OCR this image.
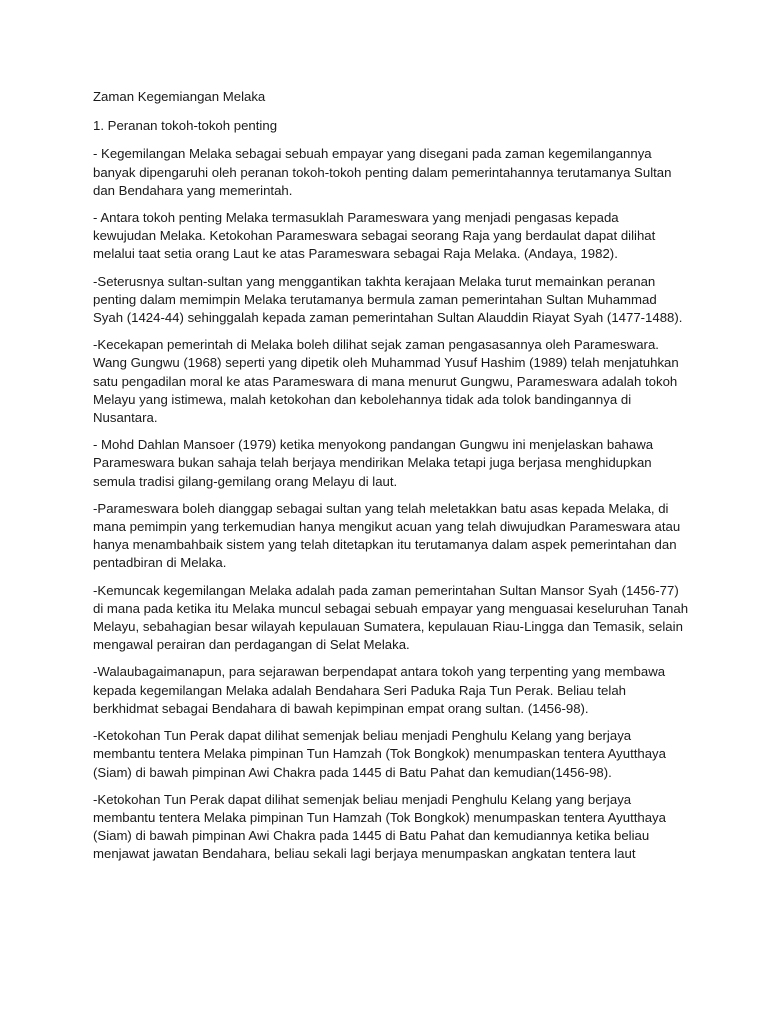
Zaman Kegemiangan Melaka
1. Peranan tokoh-tokoh penting
- Kegemilangan Melaka sebagai sebuah empayar yang disegani pada zaman kegemilangannya
banyak dipengaruhi oleh peranan tokoh-tokoh penting dalam pemerintahannya terutamanya Sultan
dan Bendahara yang memerintah.
- Antara tokoh penting Melaka termasuklah Parameswara yang menjadi pengasas kepada
kewujudan Melaka. Ketokohan Parameswara sebagai seorang Raja yang berdaulat dapat dilihat
melalui taat setia orang Laut ke atas Parameswara sebagai Raja Melaka. (Andaya, 1982).
-Seterusnya sultan-sultan yang menggantikan takhta kerajaan Melaka turut memainkan peranan
penting dalam memimpin Melaka terutamanya bermula zaman pemerintahan Sultan Muhammad
Syah (1424-44) sehinggalah kepada zaman pemerintahan Sultan Alauddin Riayat Syah (1477-1488).
-Kecekapan pemerintah di Melaka boleh dilihat sejak zaman pengasasannya oleh Parameswara.
Wang Gungwu (1968) seperti yang dipetik oleh Muhammad Yusuf Hashim (1989) telah menjatuhkan
satu pengadilan moral ke atas Parameswara di mana menurut Gungwu, Parameswara adalah tokoh
Melayu yang istimewa, malah ketokohan dan kebolehannya tidak ada tolok bandingannya di
Nusantara.
- Mohd Dahlan Mansoer (1979) ketika menyokong pandangan Gungwu ini menjelaskan bahawa
Parameswara bukan sahaja telah berjaya mendirikan Melaka tetapi juga berjasa menghidupkan
semula tradisi gilang-gemilang orang Melayu di laut.
-Parameswara boleh dianggap sebagai sultan yang telah meletakkan batu asas kepada Melaka, di
mana pemimpin yang terkemudian hanya mengikut acuan yang telah diwujudkan Parameswara atau
hanya menambahbaik sistem yang telah ditetapkan itu terutamanya dalam aspek pemerintahan dan
pentadbiran di Melaka.
-Kemuncak kegemilangan Melaka adalah pada zaman pemerintahan Sultan Mansor Syah (1456-77)
di mana pada ketika itu Melaka muncul sebagai sebuah empayar yang menguasai keseluruhan Tanah
Melayu, sebahagian besar wilayah kepulauan Sumatera, kepulauan Riau-Lingga dan Temasik, selain
mengawal perairan dan perdagangan di Selat Melaka.
-Walaubagaimanapun, para sejarawan berpendapat antara tokoh yang terpenting yang membawa
kepada kegemilangan Melaka adalah Bendahara Seri Paduka Raja Tun Perak. Beliau telah
berkhidmat sebagai Bendahara di bawah kepimpinan empat orang sultan. (1456-98).
-Ketokohan Tun Perak dapat dilihat semenjak beliau menjadi Penghulu Kelang yang berjaya
membantu tentera Melaka pimpinan Tun Hamzah (Tok Bongkok) menumpaskan tentera Ayutthaya
(Siam) di bawah pimpinan Awi Chakra pada 1445 di Batu Pahat dan kemudian(1456-98).
-Ketokohan Tun Perak dapat dilihat semenjak beliau menjadi Penghulu Kelang yang berjaya
membantu tentera Melaka pimpinan Tun Hamzah (Tok Bongkok) menumpaskan tentera Ayutthaya
(Siam) di bawah pimpinan Awi Chakra pada 1445 di Batu Pahat dan kemudiannya ketika beliau
menjawat jawatan Bendahara, beliau sekali lagi berjaya menumpaskan angkatan tentera laut
